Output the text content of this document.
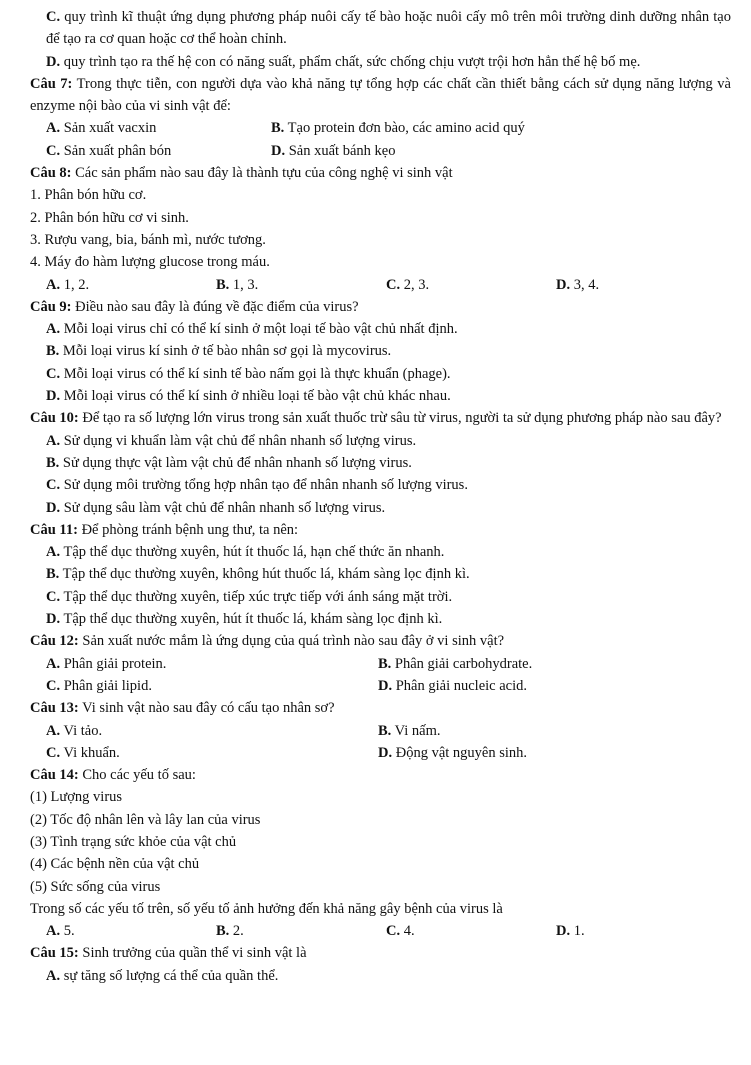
C. quy trình kĩ thuật ứng dụng phương pháp nuôi cấy tế bào hoặc nuôi cấy mô trên môi trường dinh dưỡng nhân tạo để tạo ra cơ quan hoặc cơ thể hoàn chỉnh.
D. quy trình tạo ra thế hệ con có năng suất, phẩm chất, sức chống chịu vượt trội hơn hẳn thế hệ bố mẹ.
Câu 7: Trong thực tiễn, con người dựa vào khả năng tự tổng hợp các chất cần thiết bằng cách sử dụng năng lượng và enzyme nội bào của vi sinh vật để:
A. Sản xuất vacxin	B. Tạo protein đơn bào, các amino acid quý
C. Sản xuất phân bón	D. Sản xuất bánh kẹo
Câu 8: Các sản phẩm nào sau đây là thành tựu của công nghệ vi sinh vật
1. Phân bón hữu cơ.
2. Phân bón hữu cơ vi sinh.
3. Rượu vang, bia, bánh mì, nước tương.
4. Máy đo hàm lượng glucose trong máu.
A. 1, 2.	B. 1, 3.	C. 2, 3.	D. 3, 4.
Câu 9: Điều nào sau đây là đúng về đặc điểm của virus?
A. Mỗi loại virus chỉ có thể kí sinh ở một loại tế bào vật chủ nhất định.
B. Mỗi loại virus kí sinh ở tế bào nhân sơ gọi là mycovirus.
C. Mỗi loại virus có thể kí sinh tế bào nấm gọi là thực khuẩn (phage).
D. Mỗi loại virus có thể kí sinh ở nhiều loại tế bào vật chủ khác nhau.
Câu 10: Để tạo ra số lượng lớn virus trong sản xuất thuốc trừ sâu từ virus, người ta sử dụng phương pháp nào sau đây?
A. Sử dụng vi khuẩn làm vật chủ để nhân nhanh số lượng virus.
B. Sử dụng thực vật làm vật chủ để nhân nhanh số lượng virus.
C. Sử dụng môi trường tổng hợp nhân tạo để nhân nhanh số lượng virus.
D. Sử dụng sâu làm vật chủ để nhân nhanh số lượng virus.
Câu 11: Để phòng tránh bệnh ung thư, ta nên:
A. Tập thể dục thường xuyên, hút ít thuốc lá, hạn chế thức ăn nhanh.
B. Tập thể dục thường xuyên, không hút thuốc lá, khám sàng lọc định kì.
C. Tập thể dục thường xuyên, tiếp xúc trực tiếp với ánh sáng mặt trời.
D. Tập thể dục thường xuyên, hút ít thuốc lá, khám sàng lọc định kì.
Câu 12: Sản xuất nước mắm là ứng dụng của quá trình nào sau đây ở vi sinh vật?
A. Phân giải protein.	B. Phân giải carbohydrate.
C. Phân giải lipid.	D. Phân giải nucleic acid.
Câu 13: Vi sinh vật nào sau đây có cấu tạo nhân sơ?
A. Vi tảo.	B. Vi nấm.
C. Vi khuẩn.	D. Động vật nguyên sinh.
Câu 14: Cho các yếu tố sau:
(1) Lượng virus
(2) Tốc độ nhân lên và lây lan của virus
(3) Tình trạng sức khỏe của vật chủ
(4) Các bệnh nền của vật chủ
(5) Sức sống của virus
Trong số các yếu tố trên, số yếu tố ảnh hưởng đến khả năng gây bệnh của virus là
A. 5.	B. 2.	C. 4.	D. 1.
Câu 15: Sinh trưởng của quần thể vi sinh vật là
A. sự tăng số lượng cá thể của quần thể.
